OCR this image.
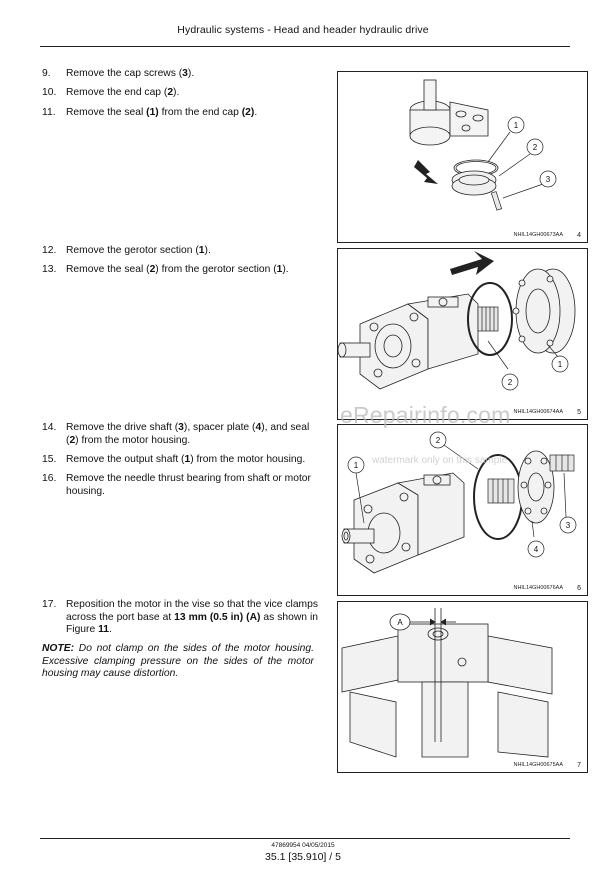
Hydraulic systems - Head and header hydraulic drive
9.	Remove the cap screws (3).
10. Remove the end cap (2).
11.	Remove the seal (1) from the end cap (2).
1
2
3
NHIL14GH00673AA 4
12. Remove the gerotor section (1).
13. Remove the seal (2) from the gerotor section (1).
1
2
NHIL14GH00674AA 5
14. Remove the drive shaft (3), spacer plate (4), and seal (2) from the motor housing.
15. Remove the output shaft (1) from the motor housing.
16. Remove the needle thrust bearing from shaft or motor housing.
1
2
3
4
NHIL14GH00676AA 6
17. Reposition the motor in the vise so that the vice clamps across the port base at 13 mm (0.5 in) (A) as shown in Figure 11.
NOTE: Do not clamp on the sides of the motor housing. Excessive clamping pressure on the sides of the motor housing may cause distortion.
A
NHIL14GH00675AA 7
eRepairinfo.com
watermark only on this sample
47869954 04/05/2015
35.1 [35.910] / 5
